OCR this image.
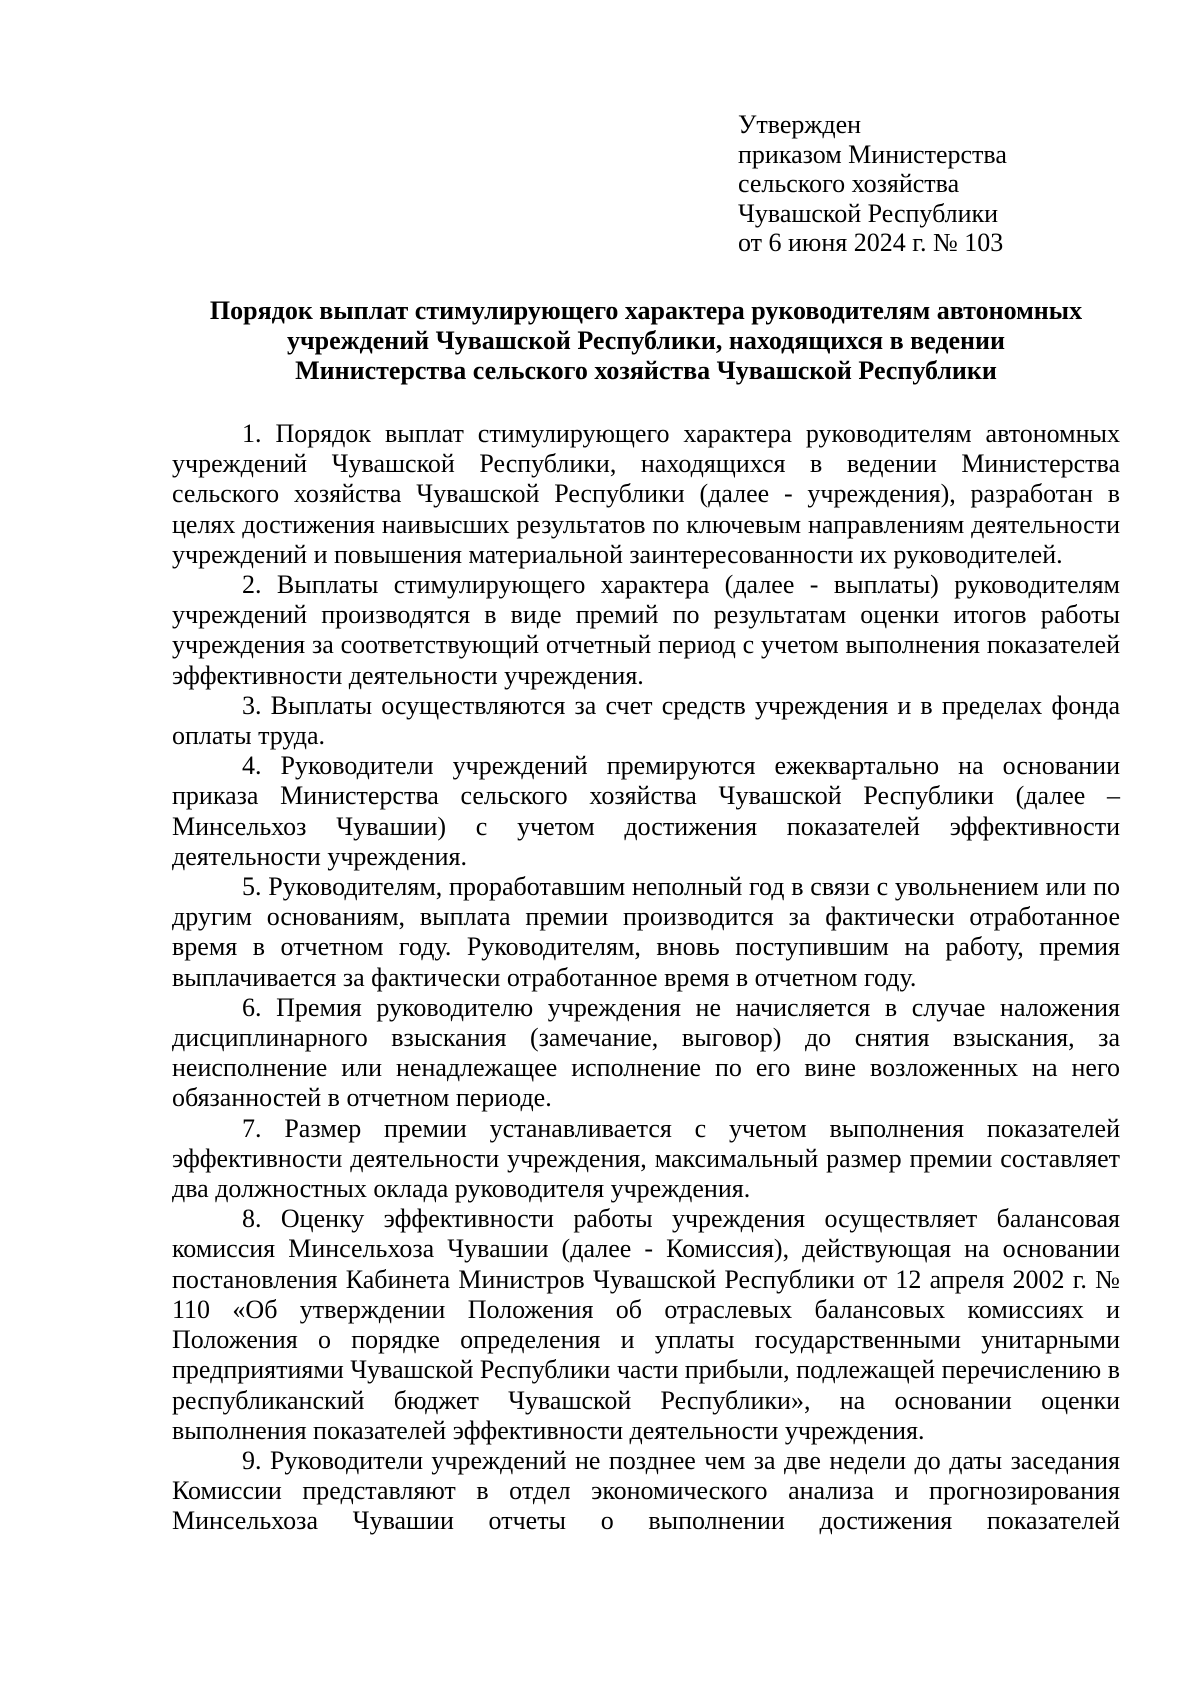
Утвержден
приказом Министерства
сельского хозяйства
Чувашской Республики
от 6 июня 2024 г. № 103
Порядок выплат стимулирующего характера руководителям автономных
учреждений Чувашской Республики, находящихся в ведении
Министерства сельского хозяйства Чувашской Республики

1. Порядок выплат стимулирующего характера руководителям автономных учреждений Чувашской Республики, находящихся в ведении Министерства сельского хозяйства Чувашской Республики (далее - учреждения), разработан в целях достижения наивысших результатов по ключевым направлениям деятельности учреждений и повышения материальной заинтересованности их руководителей.

2. Выплаты стимулирующего характера (далее - выплаты) руководителям учреждений производятся в виде премий по результатам оценки итогов работы учреждения за соответствующий отчетный период с учетом выполнения показателей эффективности деятельности учреждения.

3. Выплаты осуществляются за счет средств учреждения и в пределах фонда оплаты труда.

4. Руководители учреждений премируются ежеквартально на основании приказа Министерства сельского хозяйства Чувашской Республики (далее – Минсельхоз Чувашии) с учетом достижения показателей эффективности деятельности учреждения.

5. Руководителям, проработавшим неполный год в связи с увольнением или по другим основаниям, выплата премии производится за фактически отработанное время в отчетном году. Руководителям, вновь поступившим на работу, премия выплачивается за фактически отработанное время в отчетном году.

6. Премия руководителю учреждения не начисляется в случае наложения дисциплинарного взыскания (замечание, выговор) до снятия взыскания, за неисполнение или ненадлежащее исполнение по его вине возложенных на него обязанностей в отчетном периоде.

7. Размер премии устанавливается с учетом выполнения показателей эффективности деятельности учреждения, максимальный размер премии составляет два должностных оклада руководителя учреждения.

8. Оценку эффективности работы учреждения осуществляет балансовая комиссия Минсельхоза Чувашии (далее - Комиссия), действующая на основании постановления Кабинета Министров Чувашской Республики от 12 апреля 2002 г. № 110 «Об утверждении Положения об отраслевых балансовых комиссиях и Положения о порядке определения и уплаты государственными унитарными предприятиями Чувашской Республики части прибыли, подлежащей перечислению в республиканский бюджет Чувашской Республики», на основании оценки выполнения показателей эффективности деятельности учреждения.

9. Руководители учреждений не позднее чем за две недели до даты заседания Комиссии представляют в отдел экономического анализа и прогнозирования Минсельхоза Чувашии отчеты о выполнении достижения показателей
